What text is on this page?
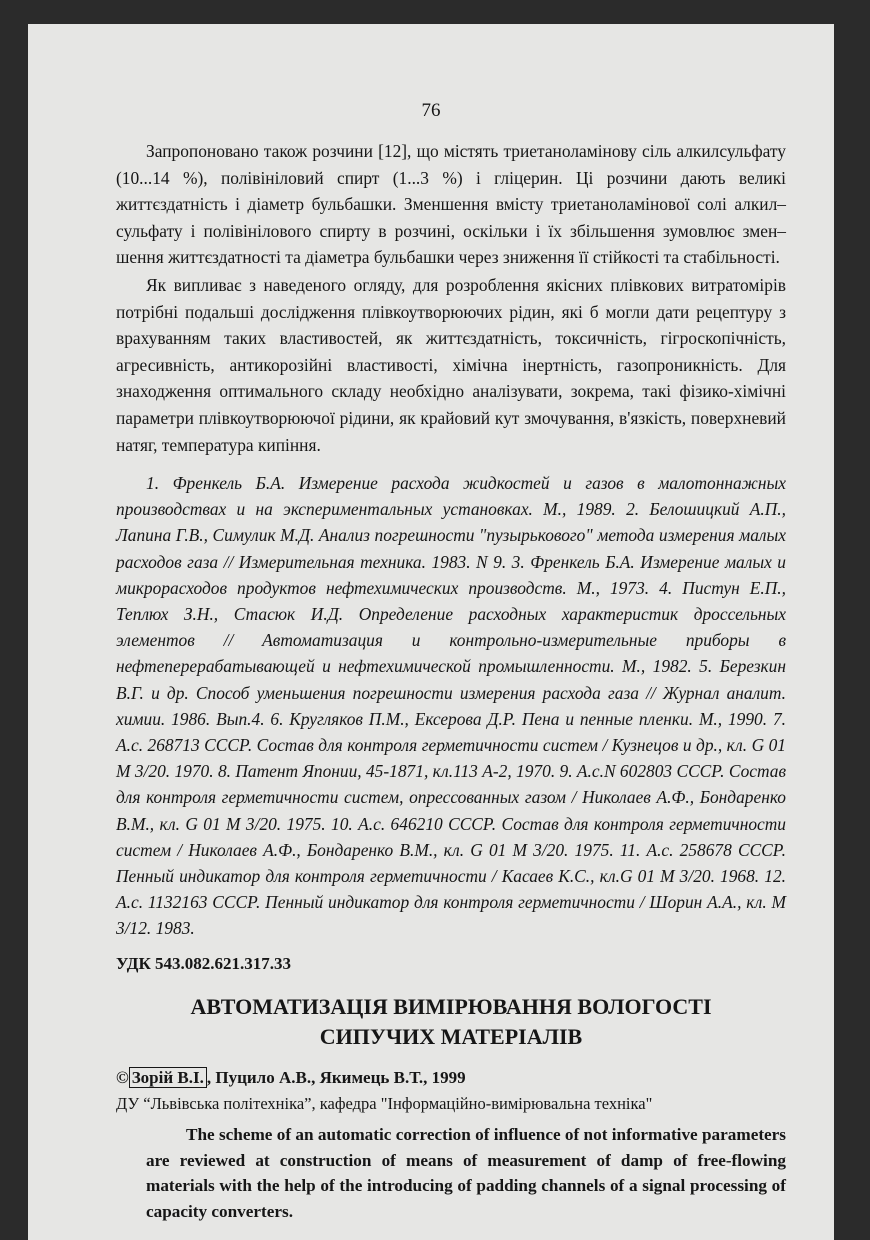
76

Запропоновано також розчини [12], що містять триетаноламінову сіль алкилсульфату (10...14 %), полівініловий спирт (1...3 %) і гліцерин. Ці розчини дають великі життєздатність і діаметр бульбашки. Зменшення вмісту триетаноламінової солі алкил–сульфату і полівінілового спирту в розчині, оскільки і їх збільшення зумовлює змен–шення життєздатності та діаметра бульбашки через зниження її стійкості та стабільності.

Як випливає з наведеного огляду, для розроблення якісних плівкових витратомірів потрібні подальші дослідження плівкоутворюючих рідин, які б могли дати рецептуру з врахуванням таких властивостей, як життєздатність, токсичність, гігроскопічність, агресивність, антикорозійні властивості, хімічна інертність, газопроникність. Для знаходження оптимального складу необхідно аналізувати, зокрема, такі фізико-хімічні параметри плівкоутворюючої рідини, як крайовий кут змочування, в'язкість, поверхневий натяг, температура кипіння.

1. Френкель Б.А. Измерение расхода жидкостей и газов в малотоннажных производствах и на экспериментальных установках. М., 1989. 2. Белошицкий А.П., Лапина Г.В., Симулик М.Д. Анализ погрешности "пузырькового" метода измерения малых расходов газа // Измерительная техника. 1983. N 9. 3. Френкель Б.А. Измерение малых и микрорасходов продуктов нефтехимических производств. М., 1973. 4. Пистун Е.П., Теплюх З.Н., Стасюк И.Д. Определение расходных характеристик дроссельных элементов // Автоматизация и контрольно-измерительные приборы в нефтеперерабатывающей и нефтехимической промышленности. М., 1982. 5. Березкин В.Г. и др. Способ уменьшения погрешности измерения расхода газа // Журнал аналит. химии. 1986. Вып.4. 6. Кругляков П.М., Ексерова Д.Р. Пена и пенные пленки. М., 1990. 7. А.с. 268713 СССР. Состав для контроля герметичности систем / Кузнецов и др., кл. G 01 M 3/20. 1970. 8. Патент Японии, 45-1871, кл.113 А-2, 1970. 9. А.с.N 602803 СССР. Состав для контроля герметичности систем, опрессованных газом / Николаев А.Ф., Бондаренко В.М., кл. G 01 M 3/20. 1975. 10. А.с. 646210 СССР. Состав для контроля герметичности систем / Николаев А.Ф., Бондаренко В.М., кл. G 01 M 3/20. 1975. 11. А.с. 258678 СССР. Пенный индикатор для контроля герметичности / Касаев К.С., кл.G 01 M 3/20. 1968. 12. А.с. 1132163 СССР. Пенный индикатор для контроля герметичности / Шорин А.А., кл. M 3/12. 1983.

УДК 543.082.621.317.33
АВТОМАТИЗАЦІЯ ВИМІРЮВАННЯ ВОЛОГОСТІ
СИПУЧИХ МАТЕРІАЛІВ
© Зорій В.І. , Пуцило А.В., Якимець В.Т., 1999
ДУ “Львівська політехніка”, кафедра "Інформаційно-вимірювальна техніка"

The scheme of an automatic correction of influence of not informative parameters are reviewed at construction of means of measurement of damp of free-flowing materials with the help of the introducing of padding channels of a signal processing of capacity converters.
